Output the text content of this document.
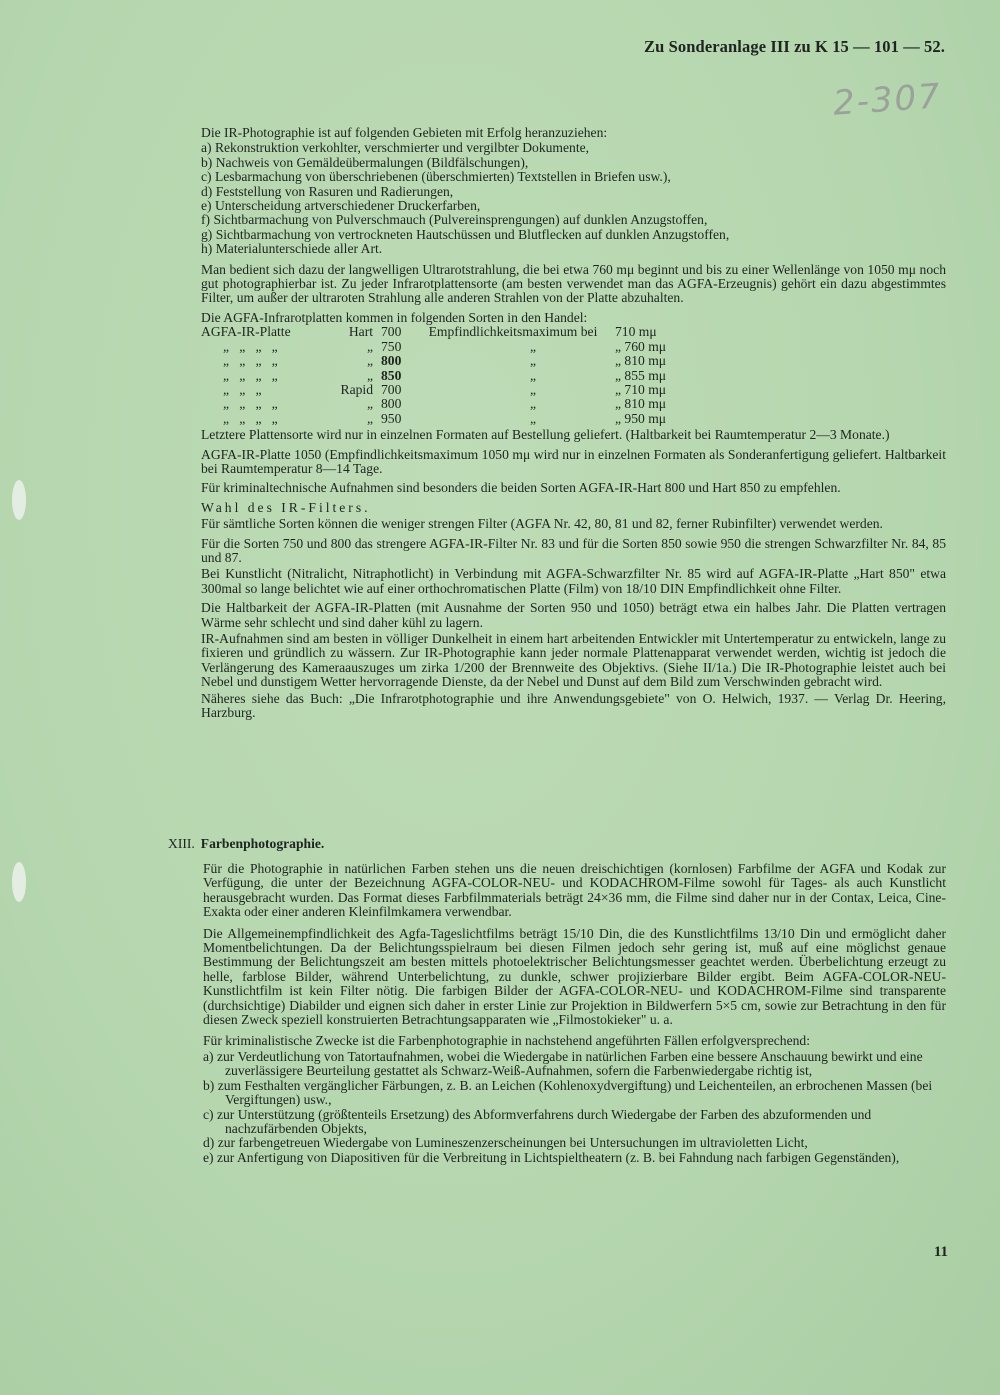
Zu Sonderanlage III zu K 15 — 101 — 52.
2-307

Die IR-Photographie ist auf folgenden Gebieten mit Erfolg heranzuziehen:

a) Rekonstruktion verkohlter, verschmierter und vergilbter Dokumente,
b) Nachweis von Gemäldeübermalungen (Bildfälschungen),
c) Lesbarmachung von überschriebenen (überschmierten) Textstellen in Briefen usw.),
d) Feststellung von Rasuren und Radierungen,
e) Unterscheidung artverschiedener Druckerfarben,
f) Sichtbarmachung von Pulverschmauch (Pulvereinsprengungen) auf dunklen Anzugstoffen,
g) Sichtbarmachung von vertrockneten Hautschüssen und Blutflecken auf dunklen Anzugstoffen,
h) Materialunterschiede aller Art.

Man bedient sich dazu der langwelligen Ultrarotstrahlung, die bei etwa 760 mμ beginnt und bis zu einer Wellenlänge von 1050 mμ noch gut photographierbar ist. Zu jeder Infrarotplattensorte (am besten verwendet man das AGFA-Erzeugnis) gehört ein dazu abgestimmtes Filter, um außer der ultraroten Strahlung alle anderen Strahlen von der Platte abzuhalten.

Die AGFA-Infrarotplatten kommen in folgenden Sorten in den Handel:

AGFA-IR-Platte	Hart	700	Empfindlichkeitsmaximum bei	710 mμ
„   „   „   „	„	750	„	„ 760 mμ
„   „   „   „	„	800	„	„ 810 mμ
„   „   „   „	„	850	„	„ 855 mμ
„   „   „	Rapid	700	„	„ 710 mμ
„   „   „   „	„	800	„	„ 810 mμ
„   „   „   „	„	950	„	„ 950 mμ

Letztere Plattensorte wird nur in einzelnen Formaten auf Bestellung geliefert. (Haltbarkeit bei Raumtemperatur 2—3 Monate.)

AGFA-IR-Platte 1050 (Empfindlichkeitsmaximum 1050 mμ wird nur in einzelnen Formaten als Sonderanfertigung geliefert. Haltbarkeit bei Raumtemperatur 8—14 Tage.

Für kriminaltechnische Aufnahmen sind besonders die beiden Sorten AGFA-IR-Hart 800 und Hart 850 zu empfehlen.

Wahl des IR-Filters.

Für sämtliche Sorten können die weniger strengen Filter (AGFA Nr. 42, 80, 81 und 82, ferner Rubinfilter) verwendet werden.

Für die Sorten 750 und 800 das strengere AGFA-IR-Filter Nr. 83 und für die Sorten 850 sowie 950 die strengen Schwarzfilter Nr. 84, 85 und 87.

Bei Kunstlicht (Nitralicht, Nitraphotlicht) in Verbindung mit AGFA-Schwarzfilter Nr. 85 wird auf AGFA-IR-Platte „Hart 850" etwa 300mal so lange belichtet wie auf einer orthochromatischen Platte (Film) von 18/10 DIN Empfindlichkeit ohne Filter.

Die Haltbarkeit der AGFA-IR-Platten (mit Ausnahme der Sorten 950 und 1050) beträgt etwa ein halbes Jahr. Die Platten vertragen Wärme sehr schlecht und sind daher kühl zu lagern.

IR-Aufnahmen sind am besten in völliger Dunkelheit in einem hart arbeitenden Entwickler mit Untertemperatur zu entwickeln, lange zu fixieren und gründlich zu wässern. Zur IR-Photographie kann jeder normale Plattenapparat verwendet werden, wichtig ist jedoch die Verlängerung des Kameraauszuges um zirka 1/200 der Brennweite des Objektivs. (Siehe II/1a.) Die IR-Photographie leistet auch bei Nebel und dunstigem Wetter hervorragende Dienste, da der Nebel und Dunst auf dem Bild zum Verschwinden gebracht wird.

Näheres siehe das Buch: „Die Infrarotphotographie und ihre Anwendungsgebiete" von O. Helwich, 1937. — Verlag Dr. Heering, Harzburg.

XIII. Farbenphotographie.

Für die Photographie in natürlichen Farben stehen uns die neuen dreischichtigen (kornlosen) Farbfilme der AGFA und Kodak zur Verfügung, die unter der Bezeichnung AGFA-COLOR-NEU- und KODACHROM-Filme sowohl für Tages- als auch Kunstlicht herausgebracht wurden. Das Format dieses Farbfilmmaterials beträgt 24×36 mm, die Filme sind daher nur in der Contax, Leica, Cine-Exakta oder einer anderen Kleinfilmkamera verwendbar.

Die Allgemeinempfindlichkeit des Agfa-Tageslichtfilms beträgt 15/10 Din, die des Kunstlichtfilms 13/10 Din und ermöglicht daher Momentbelichtungen. Da der Belichtungsspielraum bei diesen Filmen jedoch sehr gering ist, muß auf eine möglichst genaue Bestimmung der Belichtungszeit am besten mittels photoelektrischer Belichtungsmesser geachtet werden. Überbelichtung erzeugt zu helle, farblose Bilder, während Unterbelichtung, zu dunkle, schwer projizierbare Bilder ergibt. Beim AGFA-COLOR-NEU-Kunstlichtfilm ist kein Filter nötig. Die farbigen Bilder der AGFA-COLOR-NEU- und KODACHROM-Filme sind transparente (durchsichtige) Diabilder und eignen sich daher in erster Linie zur Projektion in Bildwerfern 5×5 cm, sowie zur Betrachtung in den für diesen Zweck speziell konstruierten Betrachtungsapparaten wie „Filmostokieker" u. a.

Für kriminalistische Zwecke ist die Farbenphotographie in nachstehend angeführten Fällen erfolgversprechend:

a) zur Verdeutlichung von Tatortaufnahmen, wobei die Wiedergabe in natürlichen Farben eine bessere Anschauung bewirkt und eine zuverlässigere Beurteilung gestattet als Schwarz-Weiß-Aufnahmen, sofern die Farbenwiedergabe richtig ist,
b) zum Festhalten vergänglicher Färbungen, z. B. an Leichen (Kohlenoxydvergiftung) und Leichenteilen, an erbrochenen Massen (bei Vergiftungen) usw.,
c) zur Unterstützung (größtenteils Ersetzung) des Abformverfahrens durch Wiedergabe der Farben des abzuformenden und nachzufärbenden Objekts,
d) zur farbengetreuen Wiedergabe von Lumineszenzerscheinungen bei Untersuchungen im ultravioletten Licht,
e) zur Anfertigung von Diapositiven für die Verbreitung in Lichtspieltheatern (z. B. bei Fahndung nach farbigen Gegenständen),
11
